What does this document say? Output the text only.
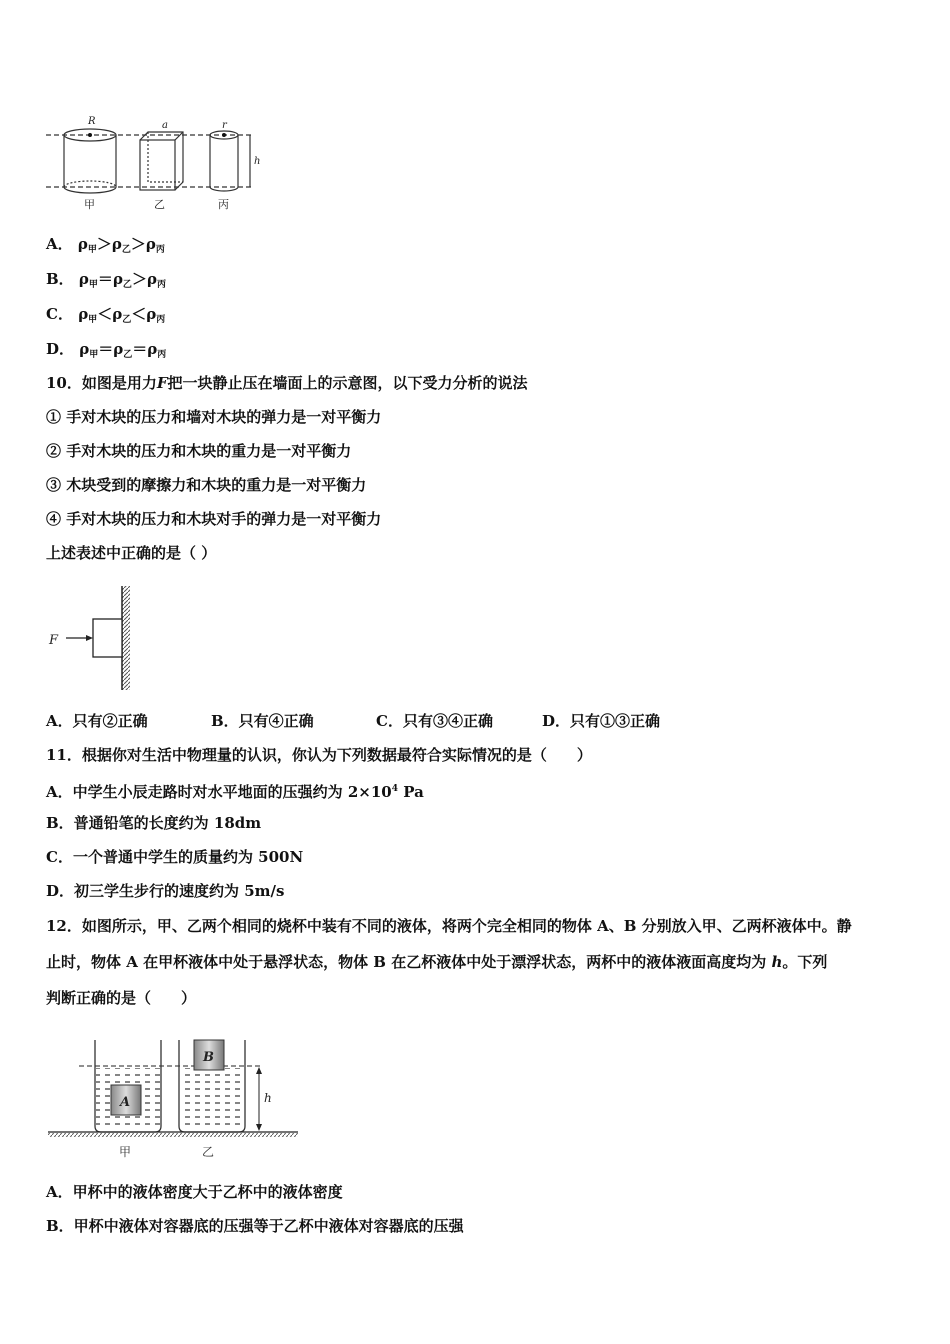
R	a	r
h
甲	乙	丙
A． $\rho_甲>\rho_乙>\rho_丙$
B． $\rho_甲=\rho_乙>\rho_丙$
C． $\rho_甲<\rho_乙<\rho_丙$
D． $\rho_甲=\rho_乙=\rho_丙$
10．如图是用力F把一块静止压在墙面上的示意图，以下受力分析的说法
① 手对木块的压力和墙对木块的弹力是一对平衡力
② 手对木块的压力和木块的重力是一对平衡力
③ 木块受到的摩擦力和木块的重力是一对平衡力
④ 手对木块的压力和木块对手的弹力是一对平衡力
上述表述中正确的是（ ）
F
A．只有②正确	B．只有④正确	C．只有③④正确	D．只有①③正确
11．根据你对生活中物理量的认识，你认为下列数据最符合实际情况的是（　　）
A．中学生小辰走路时对水平地面的压强约为 $2\times 10^4$ Pa
B．普通铅笔的长度约为 18dm
C．一个普通中学生的质量约为 500N
D．初三学生步行的速度约为 5m/s
12．如图所示，甲、乙两个相同的烧杯中装有不同的液体，将两个完全相同的物体 A、B 分别放入甲、乙两杯液体中。静
止时，物体 A 在甲杯液体中处于悬浮状态，物体 B 在乙杯液体中处于漂浮状态，两杯中的液体液面高度均为 h。下列
判断正确的是（　　）
A
B
h
甲	乙
A．甲杯中的液体密度大于乙杯中的液体密度
B．甲杯中液体对容器底的压强等于乙杯中液体对容器底的压强
